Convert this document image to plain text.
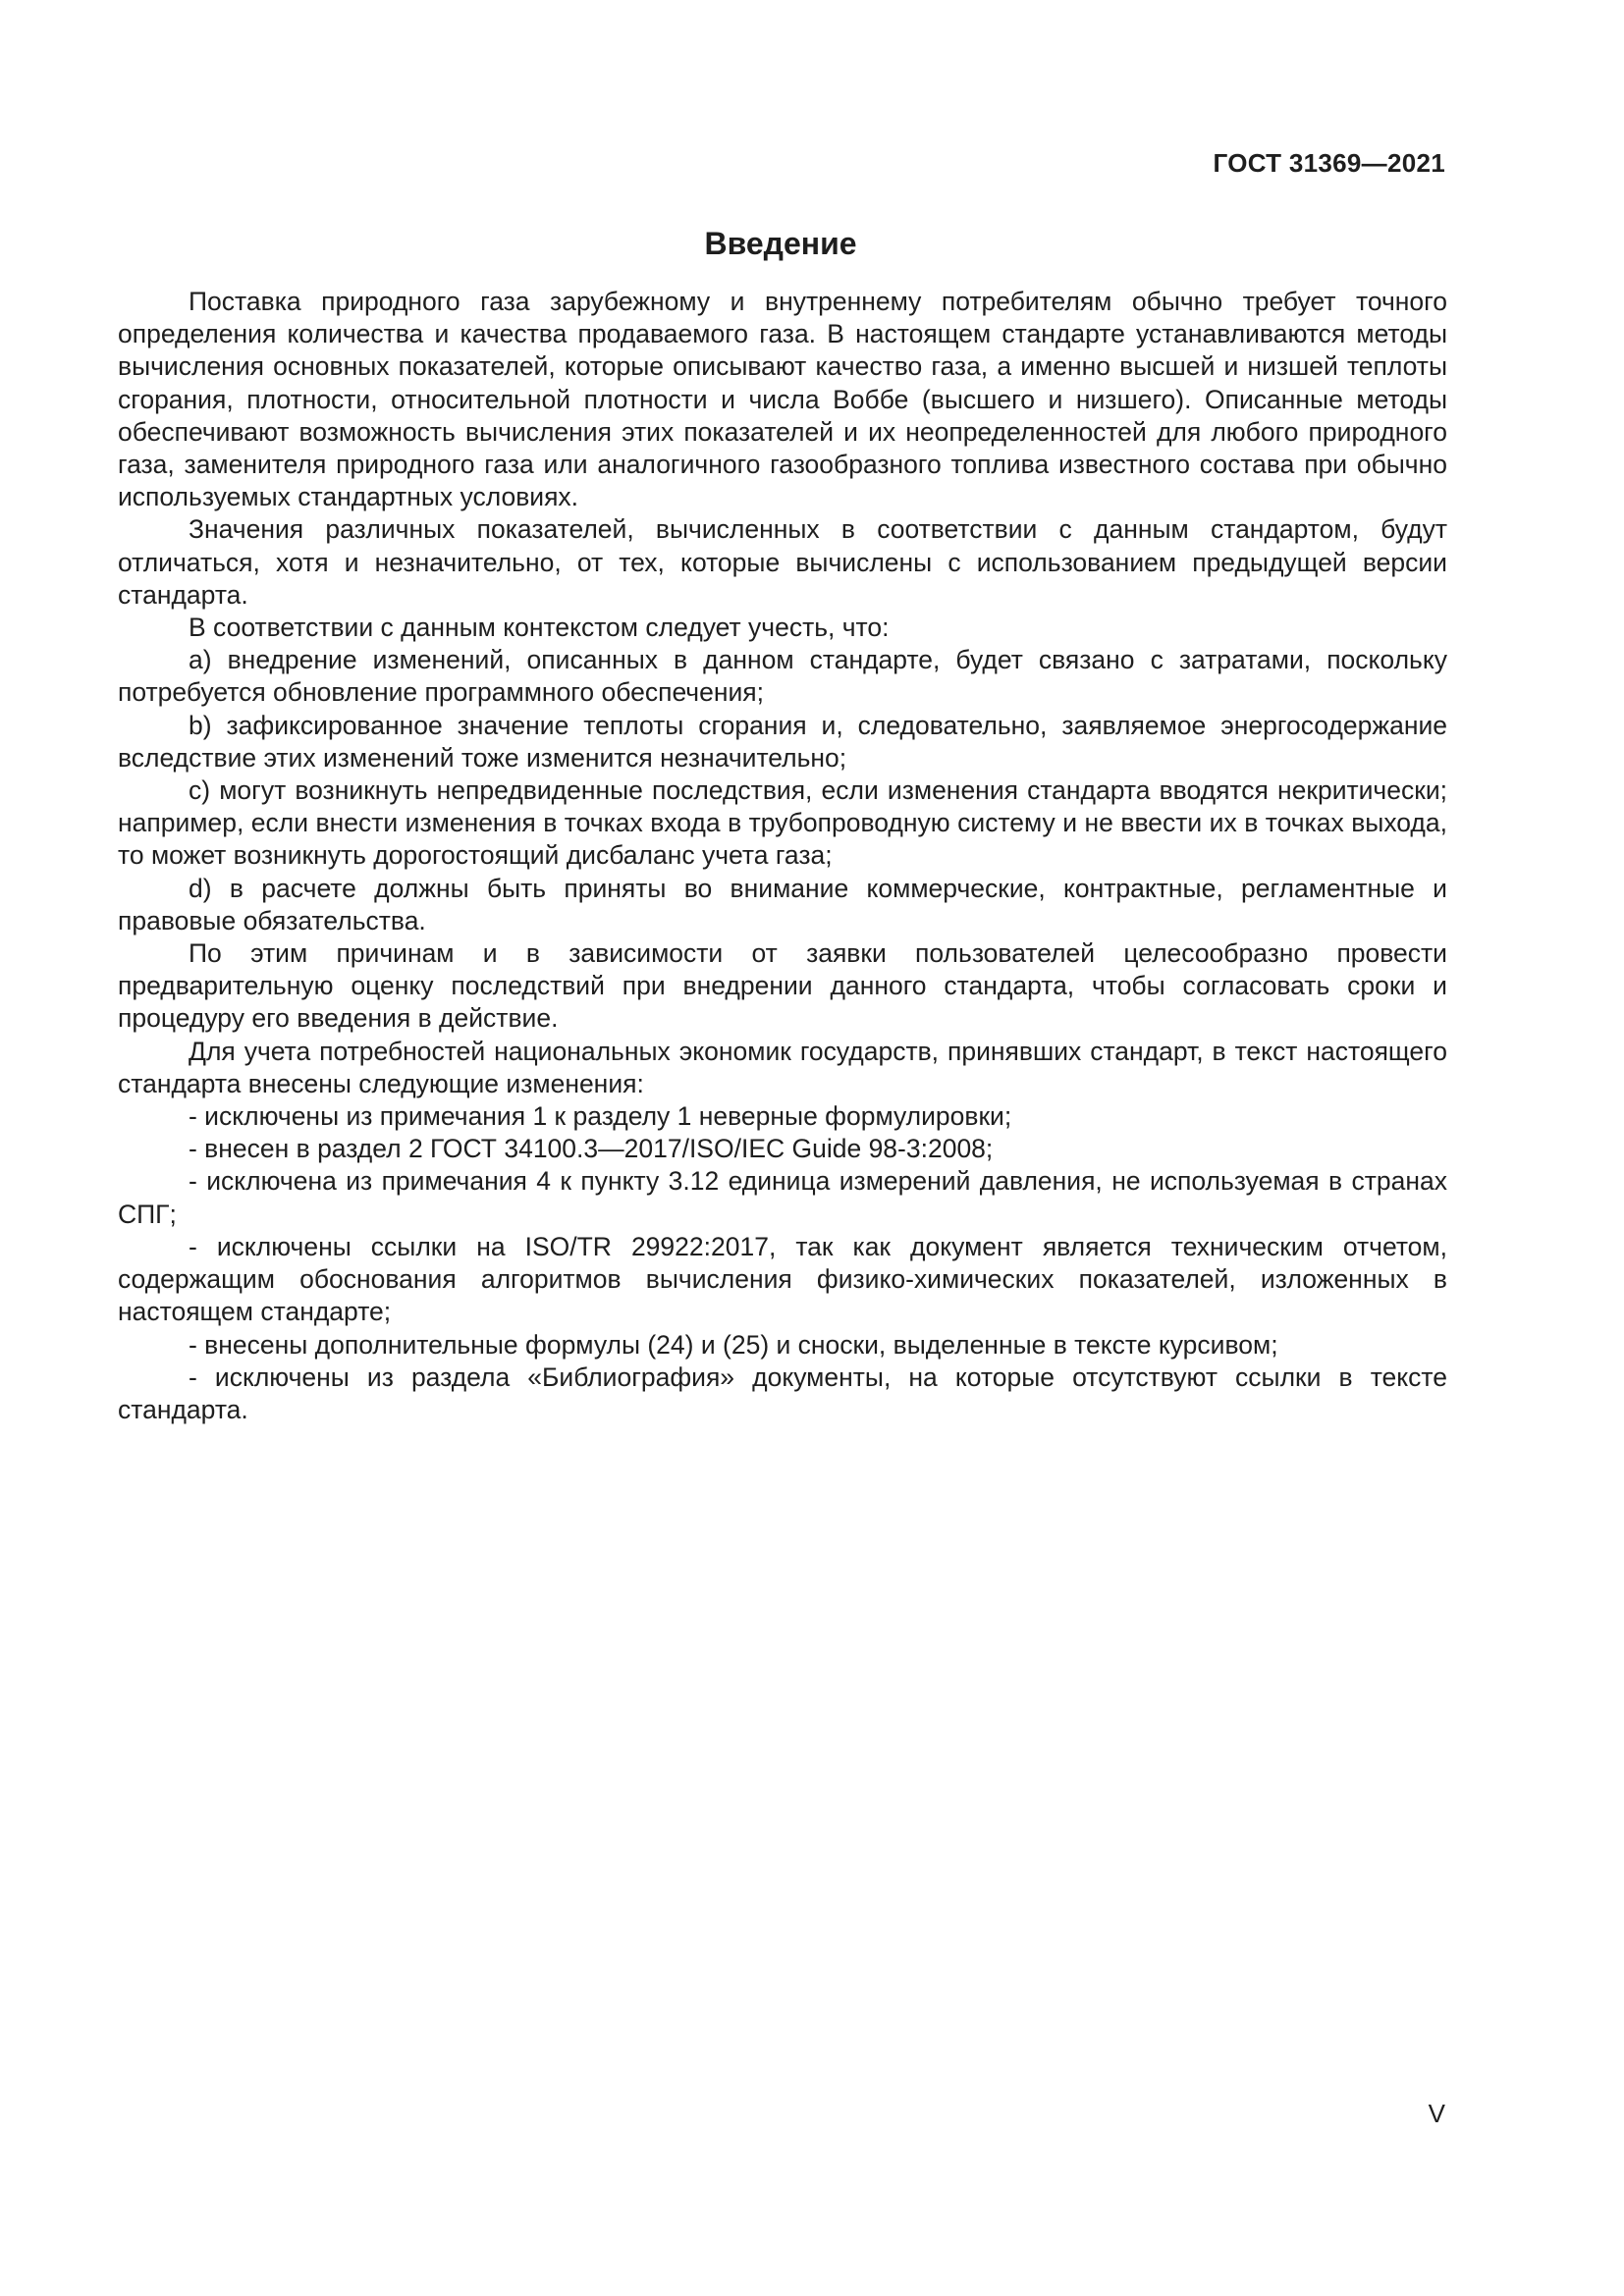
ГОСТ 31369—2021
Введение

Поставка природного газа зарубежному и внутреннему потребителям обычно требует точного определения количества и качества продаваемого газа. В настоящем стандарте устанавливаются методы вычисления основных показателей, которые описывают качество газа, а именно высшей и низшей теплоты сгорания, плотности, относительной плотности и числа Воббе (высшего и низшего). Описанные методы обеспечивают возможность вычисления этих показателей и их неопределенностей для любого природного газа, заменителя природного газа или аналогичного газообразного топлива известного состава при обычно используемых стандартных условиях.

Значения различных показателей, вычисленных в соответствии с данным стандартом, будут отличаться, хотя и незначительно, от тех, которые вычислены с использованием предыдущей версии стандарта.

В соответствии с данным контекстом следует учесть, что:

a) внедрение изменений, описанных в данном стандарте, будет связано с затратами, поскольку потребуется обновление программного обеспечения;

b) зафиксированное значение теплоты сгорания и, следовательно, заявляемое энергосодержание вследствие этих изменений тоже изменится незначительно;

c) могут возникнуть непредвиденные последствия, если изменения стандарта вводятся некритически; например, если внести изменения в точках входа в трубопроводную систему и не ввести их в точках выхода, то может возникнуть дорогостоящий дисбаланс учета газа;

d) в расчете должны быть приняты во внимание коммерческие, контрактные, регламентные и правовые обязательства.

По этим причинам и в зависимости от заявки пользователей целесообразно провести предварительную оценку последствий при внедрении данного стандарта, чтобы согласовать сроки и процедуру его введения в действие.

Для учета потребностей национальных экономик государств, принявших стандарт, в текст настоящего стандарта внесены следующие изменения:

- исключены из примечания 1 к разделу 1 неверные формулировки;

- внесен в раздел 2 ГОСТ 34100.3—2017/ISO/IEC Guide 98-3:2008;

- исключена из примечания 4 к пункту 3.12 единица измерений давления, не используемая в странах СПГ;

- исключены ссылки на ISO/TR 29922:2017, так как документ является техническим отчетом, содержащим обоснования алгоритмов вычисления физико-химических показателей, изложенных в настоящем стандарте;

- внесены дополнительные формулы (24) и (25) и сноски, выделенные в тексте курсивом;

- исключены из раздела «Библиография» документы, на которые отсутствуют ссылки в тексте стандарта.

V
